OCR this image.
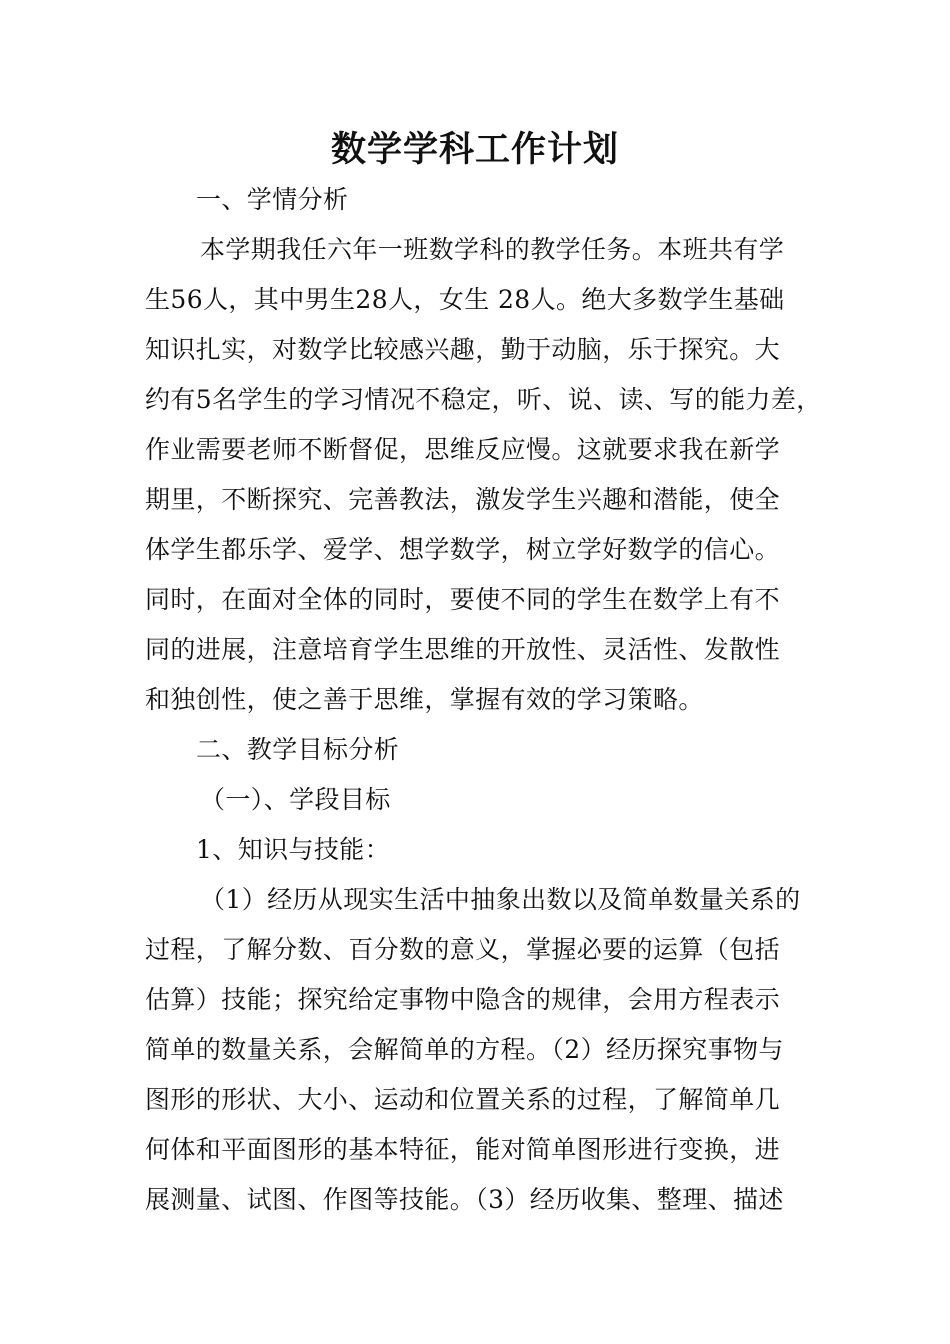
数学学科工作计划
一、学情分析
本学期我任六年一班数学科的教学任务。本班共有学
生56人，其中男生28人，女生 28人。绝大多数学生基础
知识扎实，对数学比较感兴趣，勤于动脑，乐于探究。大
约有5名学生的学习情况不稳定，听、说、读、写的能力差，
作业需要老师不断督促，思维反应慢。这就要求我在新学
期里，不断探究、完善教法，激发学生兴趣和潜能，使全
体学生都乐学、爱学、想学数学，树立学好数学的信心。
同时，在面对全体的同时，要使不同的学生在数学上有不
同的进展，注意培育学生思维的开放性、灵活性、发散性
和独创性，使之善于思维，掌握有效的学习策略。
二、教学目标分析
（一）、学段目标
1、知识与技能：
（1）经历从现实生活中抽象出数以及简单数量关系的
过程，了解分数、百分数的意义，掌握必要的运算（包括
估算）技能；探究给定事物中隐含的规律，会用方程表示
简单的数量关系，会解简单的方程。（2）经历探究事物与
图形的形状、大小、运动和位置关系的过程，了解简单几
何体和平面图形的基本特征，能对简单图形进行变换，进
展测量、试图、作图等技能。（3）经历收集、整理、描述
